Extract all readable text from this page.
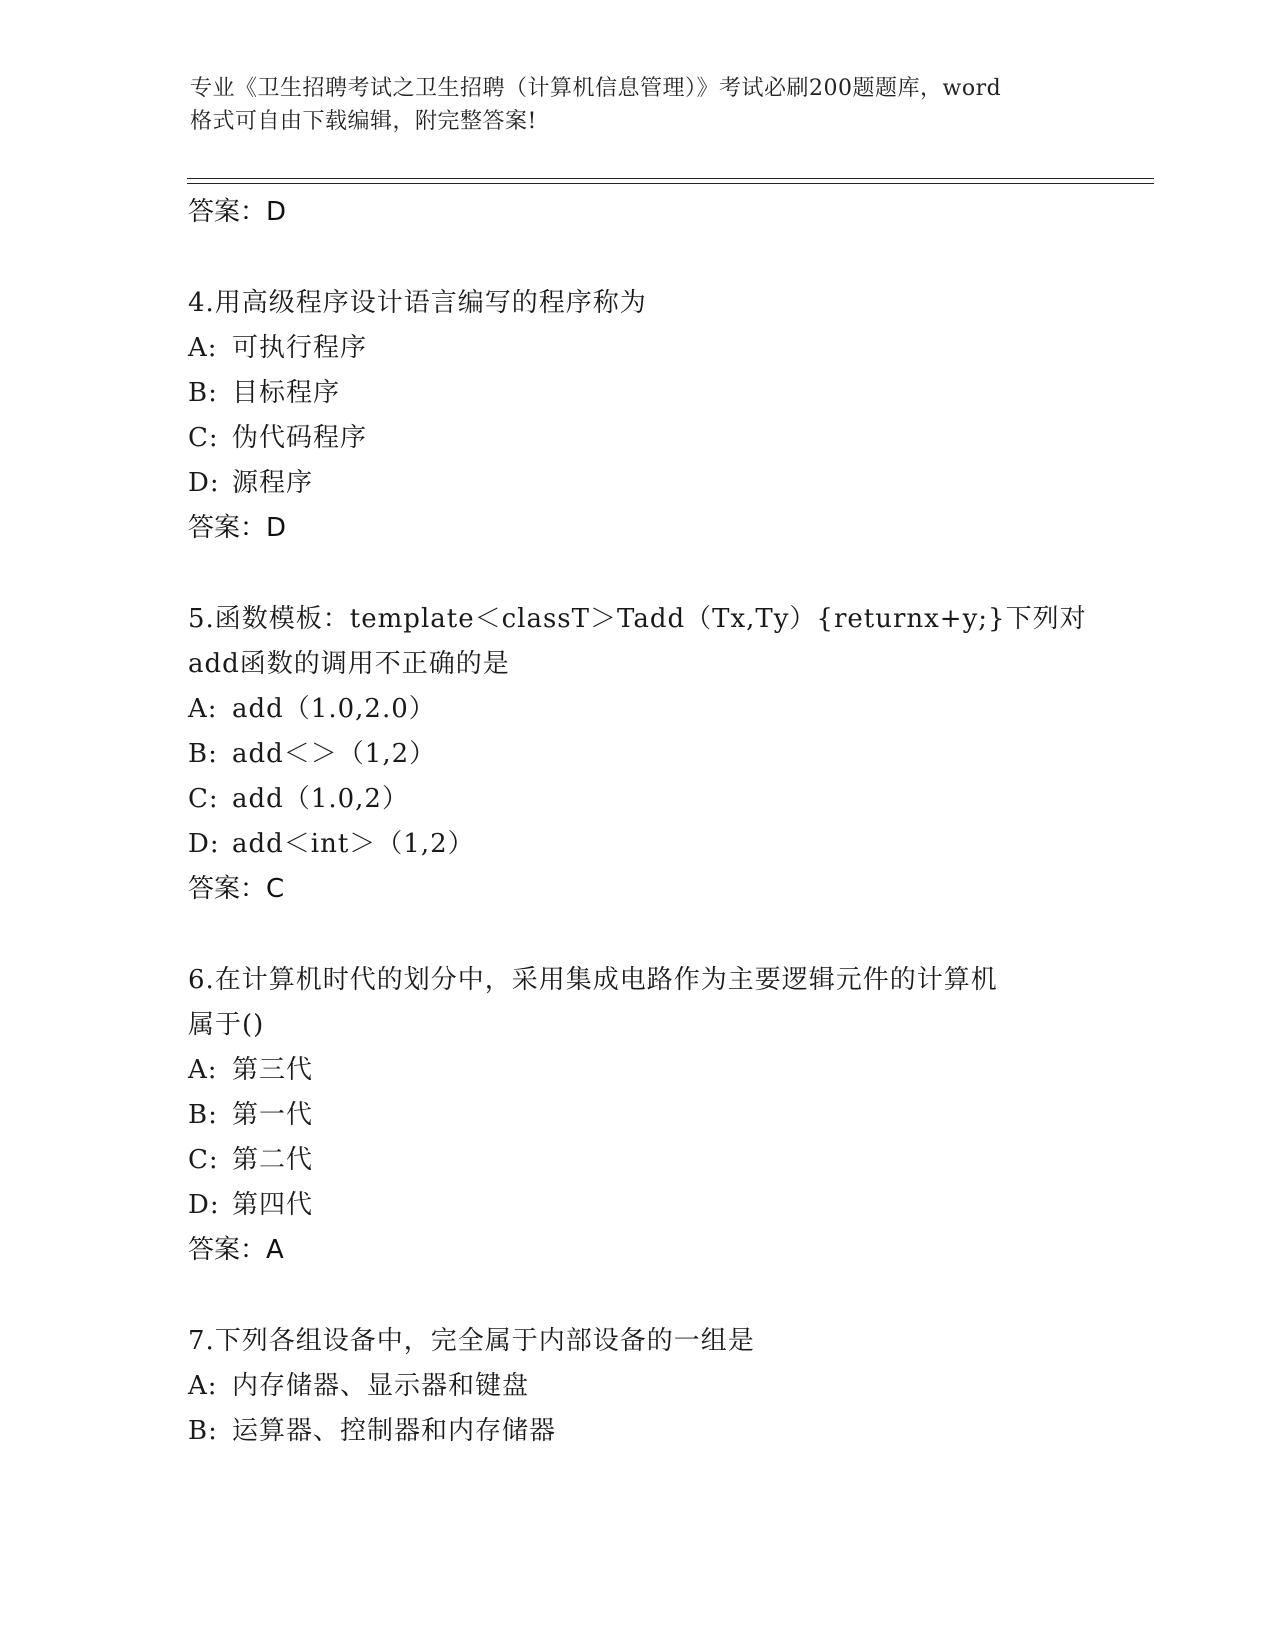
专业《卫生招聘考试之卫生招聘（计算机信息管理）》考试必刷200题题库，word
格式可自由下载编辑，附完整答案!
答案：D
4.用高级程序设计语言编写的程序称为
A: 可执行程序
B: 目标程序
C: 伪代码程序
D: 源程序
答案：D
5.函数模板：template＜classT＞Tadd（Tx,Ty）{returnx+y;}下列对
add函数的调用不正确的是
A: add（1.0,2.0）
B: add＜＞（1,2）
C: add（1.0,2）
D: add＜int＞（1,2）
答案：C
6.在计算机时代的划分中，采用集成电路作为主要逻辑元件的计算机
属于()
A: 第三代
B: 第一代
C: 第二代
D: 第四代
答案：A
7.下列各组设备中，完全属于内部设备的一组是
A: 内存储器、显示器和键盘
B: 运算器、控制器和内存储器
